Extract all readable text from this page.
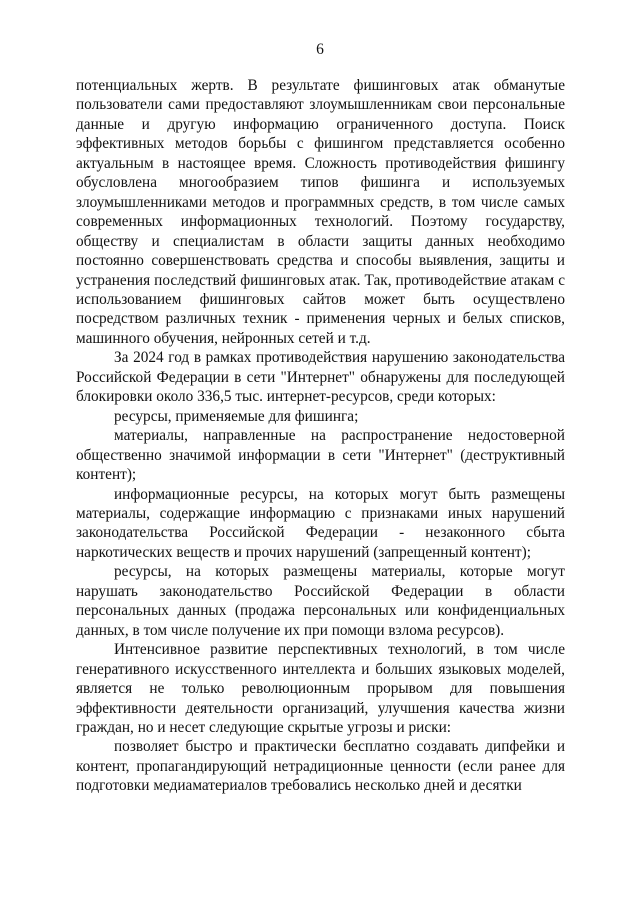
6

потенциальных жертв. В результате фишинговых атак обманутые пользователи сами предоставляют злоумышленникам свои персональные данные и другую информацию ограниченного доступа. Поиск эффективных методов борьбы с фишингом представляется особенно актуальным в настоящее время. Сложность противодействия фишингу обусловлена многообразием типов фишинга и используемых злоумышленниками методов и программных средств, в том числе самых современных информационных технологий. Поэтому государству, обществу и специалистам в области защиты данных необходимо постоянно совершенствовать средства и способы выявления, защиты и устранения последствий фишинговых атак. Так, противодействие атакам с использованием фишинговых сайтов может быть осуществлено посредством различных техник - применения черных и белых списков, машинного обучения, нейронных сетей и т.д.

За 2024 год в рамках противодействия нарушению законодательства Российской Федерации в сети "Интернет" обнаружены для последующей блокировки около 336,5 тыс. интернет-ресурсов, среди которых:

ресурсы, применяемые для фишинга;

материалы, направленные на распространение недостоверной общественно значимой информации в сети "Интернет" (деструктивный контент);

информационные ресурсы, на которых могут быть размещены материалы, содержащие информацию с признаками иных нарушений законодательства Российской Федерации - незаконного сбыта наркотических веществ и прочих нарушений (запрещенный контент);

ресурсы, на которых размещены материалы, которые могут нарушать законодательство Российской Федерации в области персональных данных (продажа персональных или конфиденциальных данных, в том числе получение их при помощи взлома ресурсов).

Интенсивное развитие перспективных технологий, в том числе генеративного искусственного интеллекта и больших языковых моделей, является не только революционным прорывом для повышения эффективности деятельности организаций, улучшения качества жизни граждан, но и несет следующие скрытые угрозы и риски:

позволяет быстро и практически бесплатно создавать дипфейки и контент, пропагандирующий нетрадиционные ценности (если ранее для подготовки медиаматериалов требовались несколько дней и десятки
